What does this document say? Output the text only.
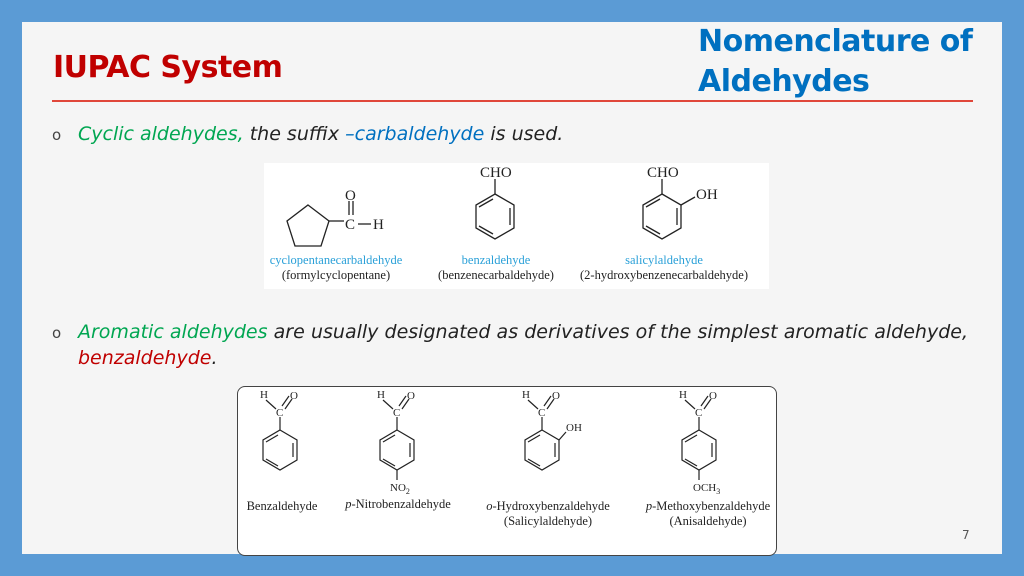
IUPAC System
Nomenclature of
Aldehydes
o Cyclic aldehydes, the suffix –carbaldehyde is used.
O
C H
CHO	CHO
OH
cyclopentanecarbaldehyde
(formylcyclopentane)
benzaldehyde
(benzenecarbaldehyde)
salicylaldehyde
(2-hydroxybenzenecarbaldehyde)
o Aromatic aldehydes are usually designated as derivatives of the simplest aromatic aldehyde,
benzaldehyde.
H O
C
H O
C
$NO_2$
H O
C
OH
H O
C
$OCH_3$
Benzaldehyde p-Nitrobenzaldehyde	o-Hydroxybenzaldehyde
(Salicylaldehyde)
p-Methoxybenzaldehyde
(Anisaldehyde)
7
